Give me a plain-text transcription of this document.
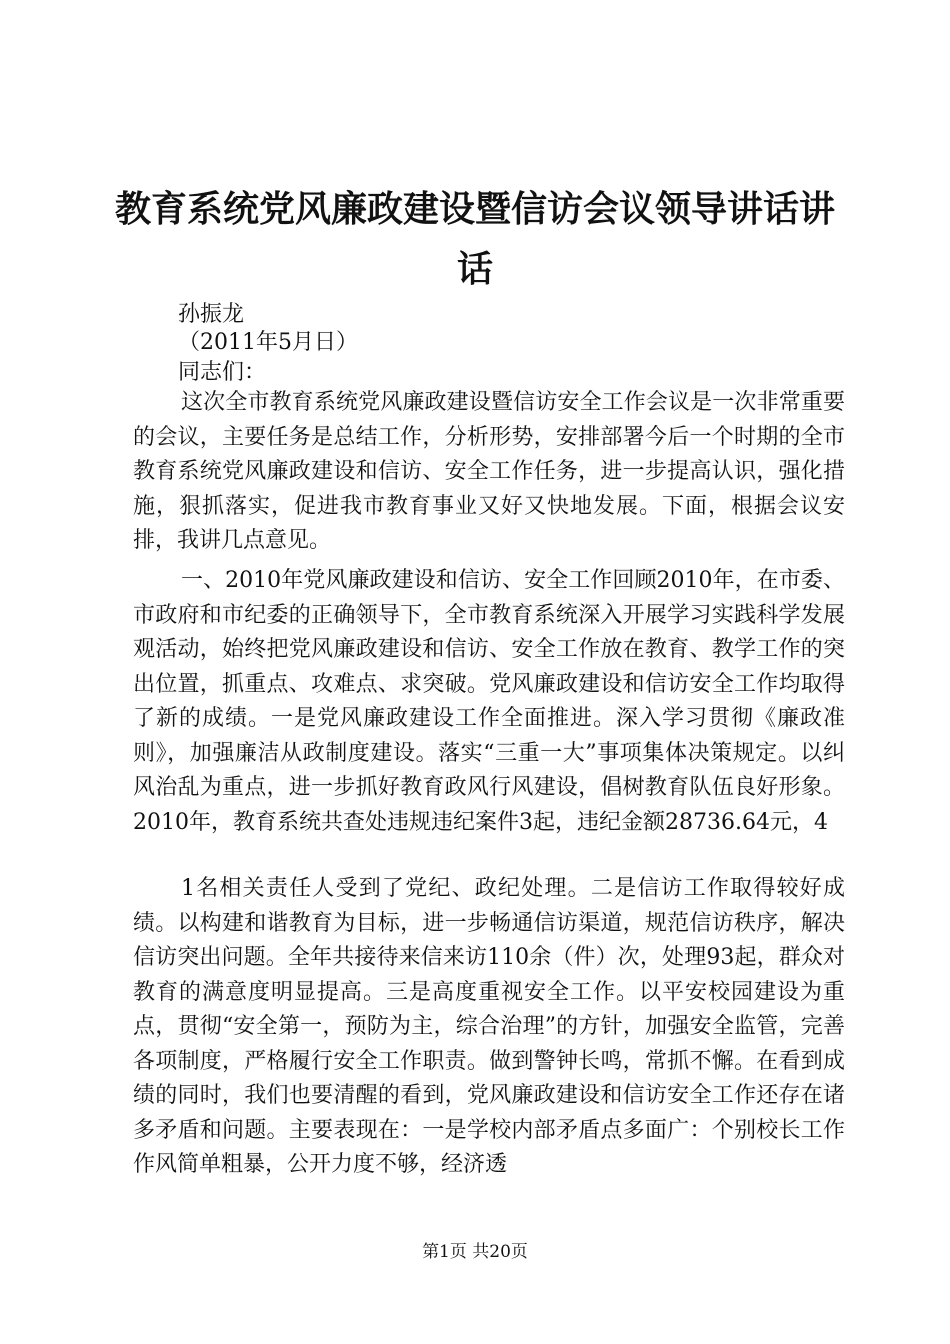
教育系统党风廉政建设暨信访会议领导讲话讲
话
孙振龙
（2011年5月日）
同志们：

这次全市教育系统党风廉政建设暨信访安全工作会议是一次非常重要的会议，主要任务是总结工作，分析形势，安排部署今后一个时期的全市教育系统党风廉政建设和信访、安全工作任务，进一步提高认识，强化措施，狠抓落实，促进我市教育事业又好又快地发展。下面，根据会议安排，我讲几点意见。

一、2010年党风廉政建设和信访、安全工作回顾2010年，在市委、市政府和市纪委的正确领导下，全市教育系统深入开展学习实践科学发展观活动，始终把党风廉政建设和信访、安全工作放在教育、教学工作的突出位置，抓重点、攻难点、求突破。党风廉政建设和信访安全工作均取得了新的成绩。一是党风廉政建设工作全面推进。深入学习贯彻《廉政准则》，加强廉洁从政制度建设。落实“三重一大”事项集体决策规定。以纠风治乱为重点，进一步抓好教育政风行风建设，倡树教育队伍良好形象。2010年，教育系统共查处违规违纪案件3起，违纪金额28736.64元，4

1名相关责任人受到了党纪、政纪处理。二是信访工作取得较好成绩。以构建和谐教育为目标，进一步畅通信访渠道，规范信访秩序，解决信访突出问题。全年共接待来信来访110余（件）次，处理93起，群众对教育的满意度明显提高。三是高度重视安全工作。以平安校园建设为重点，贯彻“安全第一，预防为主，综合治理”的方针，加强安全监管，完善各项制度，严格履行安全工作职责。做到警钟长鸣，常抓不懈。在看到成绩的同时，我们也要清醒的看到，党风廉政建设和信访安全工作还存在诸多矛盾和问题。主要表现在：一是学校内部矛盾点多面广：个别校长工作作风简单粗暴，公开力度不够，经济透

第1页 共20页
